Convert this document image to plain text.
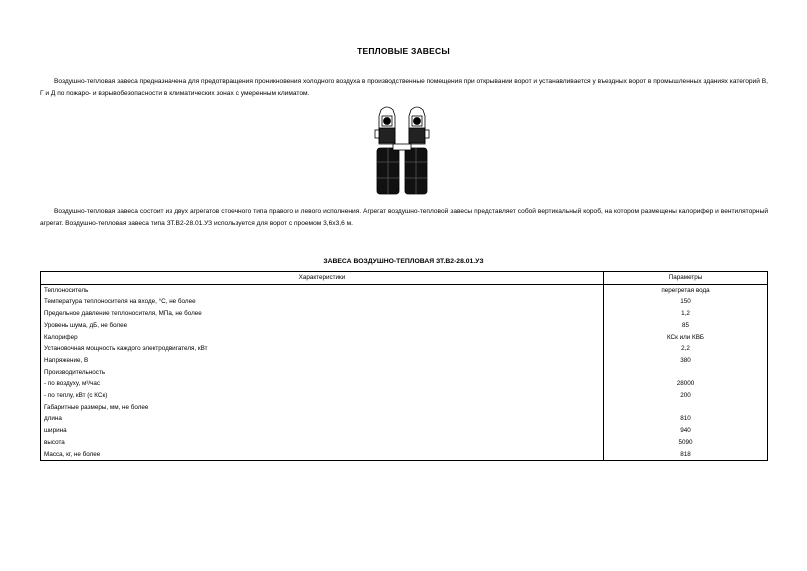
ТЕПЛОВЫЕ ЗАВЕСЫ
Воздушно-тепловая завеса предназначена для предотвращения проникновения холодного воздуха в производственные помещения при открывании ворот и устанавливается у въездных ворот в промышленных зданиях категорий В, Г и Д по пожаро- и взрывобезопасности в климатических зонах с умеренным климатом.
Воздушно-тепловая завеса состоит из двух агрегатов стоечного типа правого и левого исполнения. Агрегат воздушно-тепловой завесы представляет собой вертикальный короб, на котором размещены калорифер и вентиляторный агрегат. Воздушно-тепловая завеса типа ЗТ.В2-28.01.УЗ используется для ворот с проемом 3,6х3,6 м.
ЗАВЕСА ВОЗДУШНО-ТЕПЛОВАЯ ЗТ.В2-28.01.УЗ
Характеристики	Параметры
Теплоноситель	перегретая вода
Температура теплоносителя на входе, °С, не более	150
Предельное давление теплоносителя, МПа, не более	1,2
Уровень шума, дБ, не более	85
Калорифер	КСк или КВБ
Установочная мощность каждого электродвигателя, кВт	2,2
Напряжение, В	380
Производительность	
- по воздуху, м³/час	28000
- по теплу, кВт (с КСк)	200
Габаритные размеры, мм, не более	
длина	810
ширина	940
высота	5090
Масса, кг, не более	818
